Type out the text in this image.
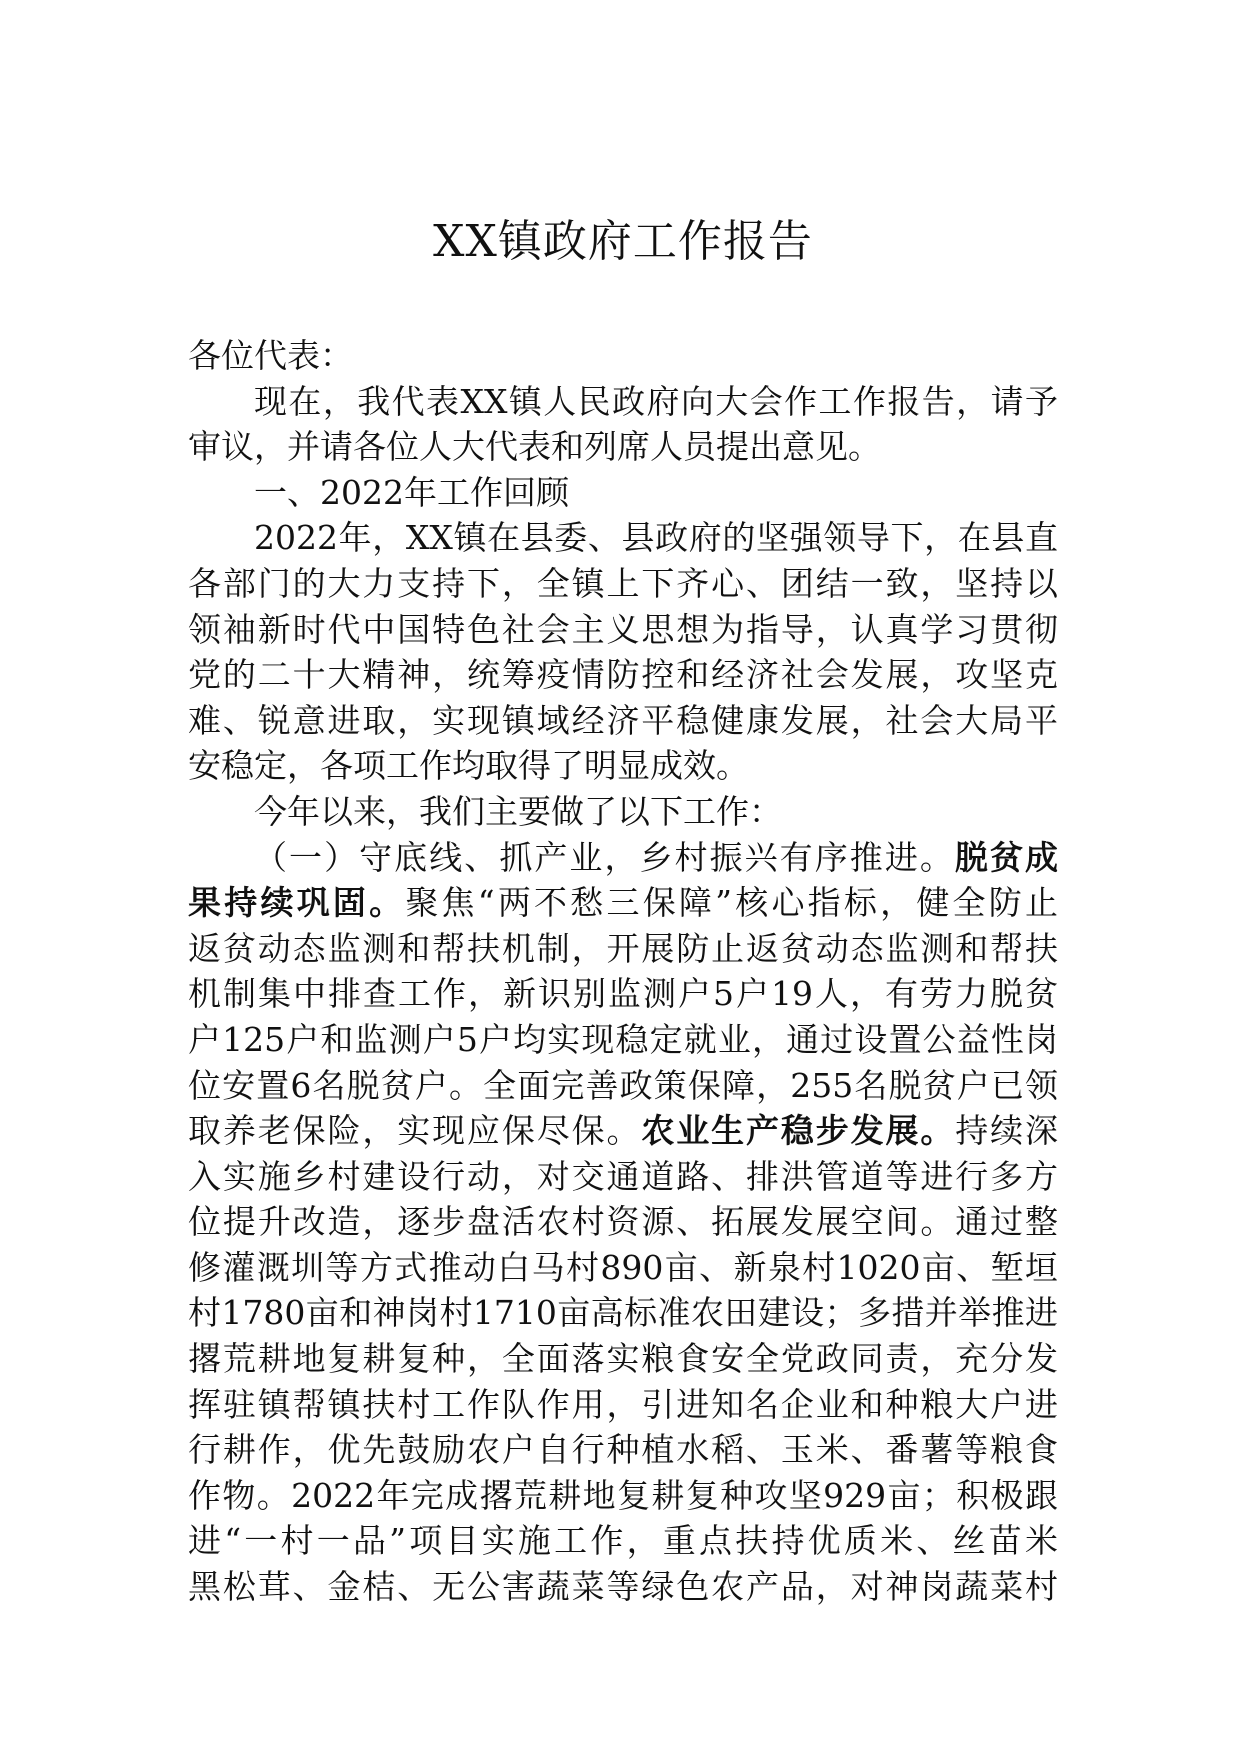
XX镇政府工作报告
各位代表：
现在，我代表XX镇人民政府向大会作工作报告，请予
审议，并请各位人大代表和列席人员提出意见。
一、2022年工作回顾
2022年，XX镇在县委、县政府的坚强领导下，在县直
各部门的大力支持下，全镇上下齐心、团结一致，坚持以
领袖新时代中国特色社会主义思想为指导，认真学习贯彻
党的二十大精神，统筹疫情防控和经济社会发展，攻坚克
难、锐意进取，实现镇域经济平稳健康发展，社会大局平
安稳定，各项工作均取得了明显成效。
今年以来，我们主要做了以下工作：
（一）守底线、抓产业，乡村振兴有序推进。脱贫成
果持续巩固。聚焦“两不愁三保障”核心指标，健全防止
返贫动态监测和帮扶机制，开展防止返贫动态监测和帮扶
机制集中排查工作，新识别监测户5户19人，有劳力脱贫
户125户和监测户5户均实现稳定就业，通过设置公益性岗
位安置6名脱贫户。全面完善政策保障，255名脱贫户已领
取养老保险，实现应保尽保。农业生产稳步发展。持续深
入实施乡村建设行动，对交通道路、排洪管道等进行多方
位提升改造，逐步盘活农村资源、拓展发展空间。通过整
修灌溉圳等方式推动白马村890亩、新泉村1020亩、堑垣
村1780亩和神岗村1710亩高标准农田建设；多措并举推进
撂荒耕地复耕复种，全面落实粮食安全党政同责，充分发
挥驻镇帮镇扶村工作队作用，引进知名企业和种粮大户进
行耕作，优先鼓励农户自行种植水稻、玉米、番薯等粮食
作物。2022年完成撂荒耕地复耕复种攻坚929亩；积极跟
进“一村一品”项目实施工作，重点扶持优质米、丝苗米
黑松茸、金桔、无公害蔬菜等绿色农产品，对神岗蔬菜村
